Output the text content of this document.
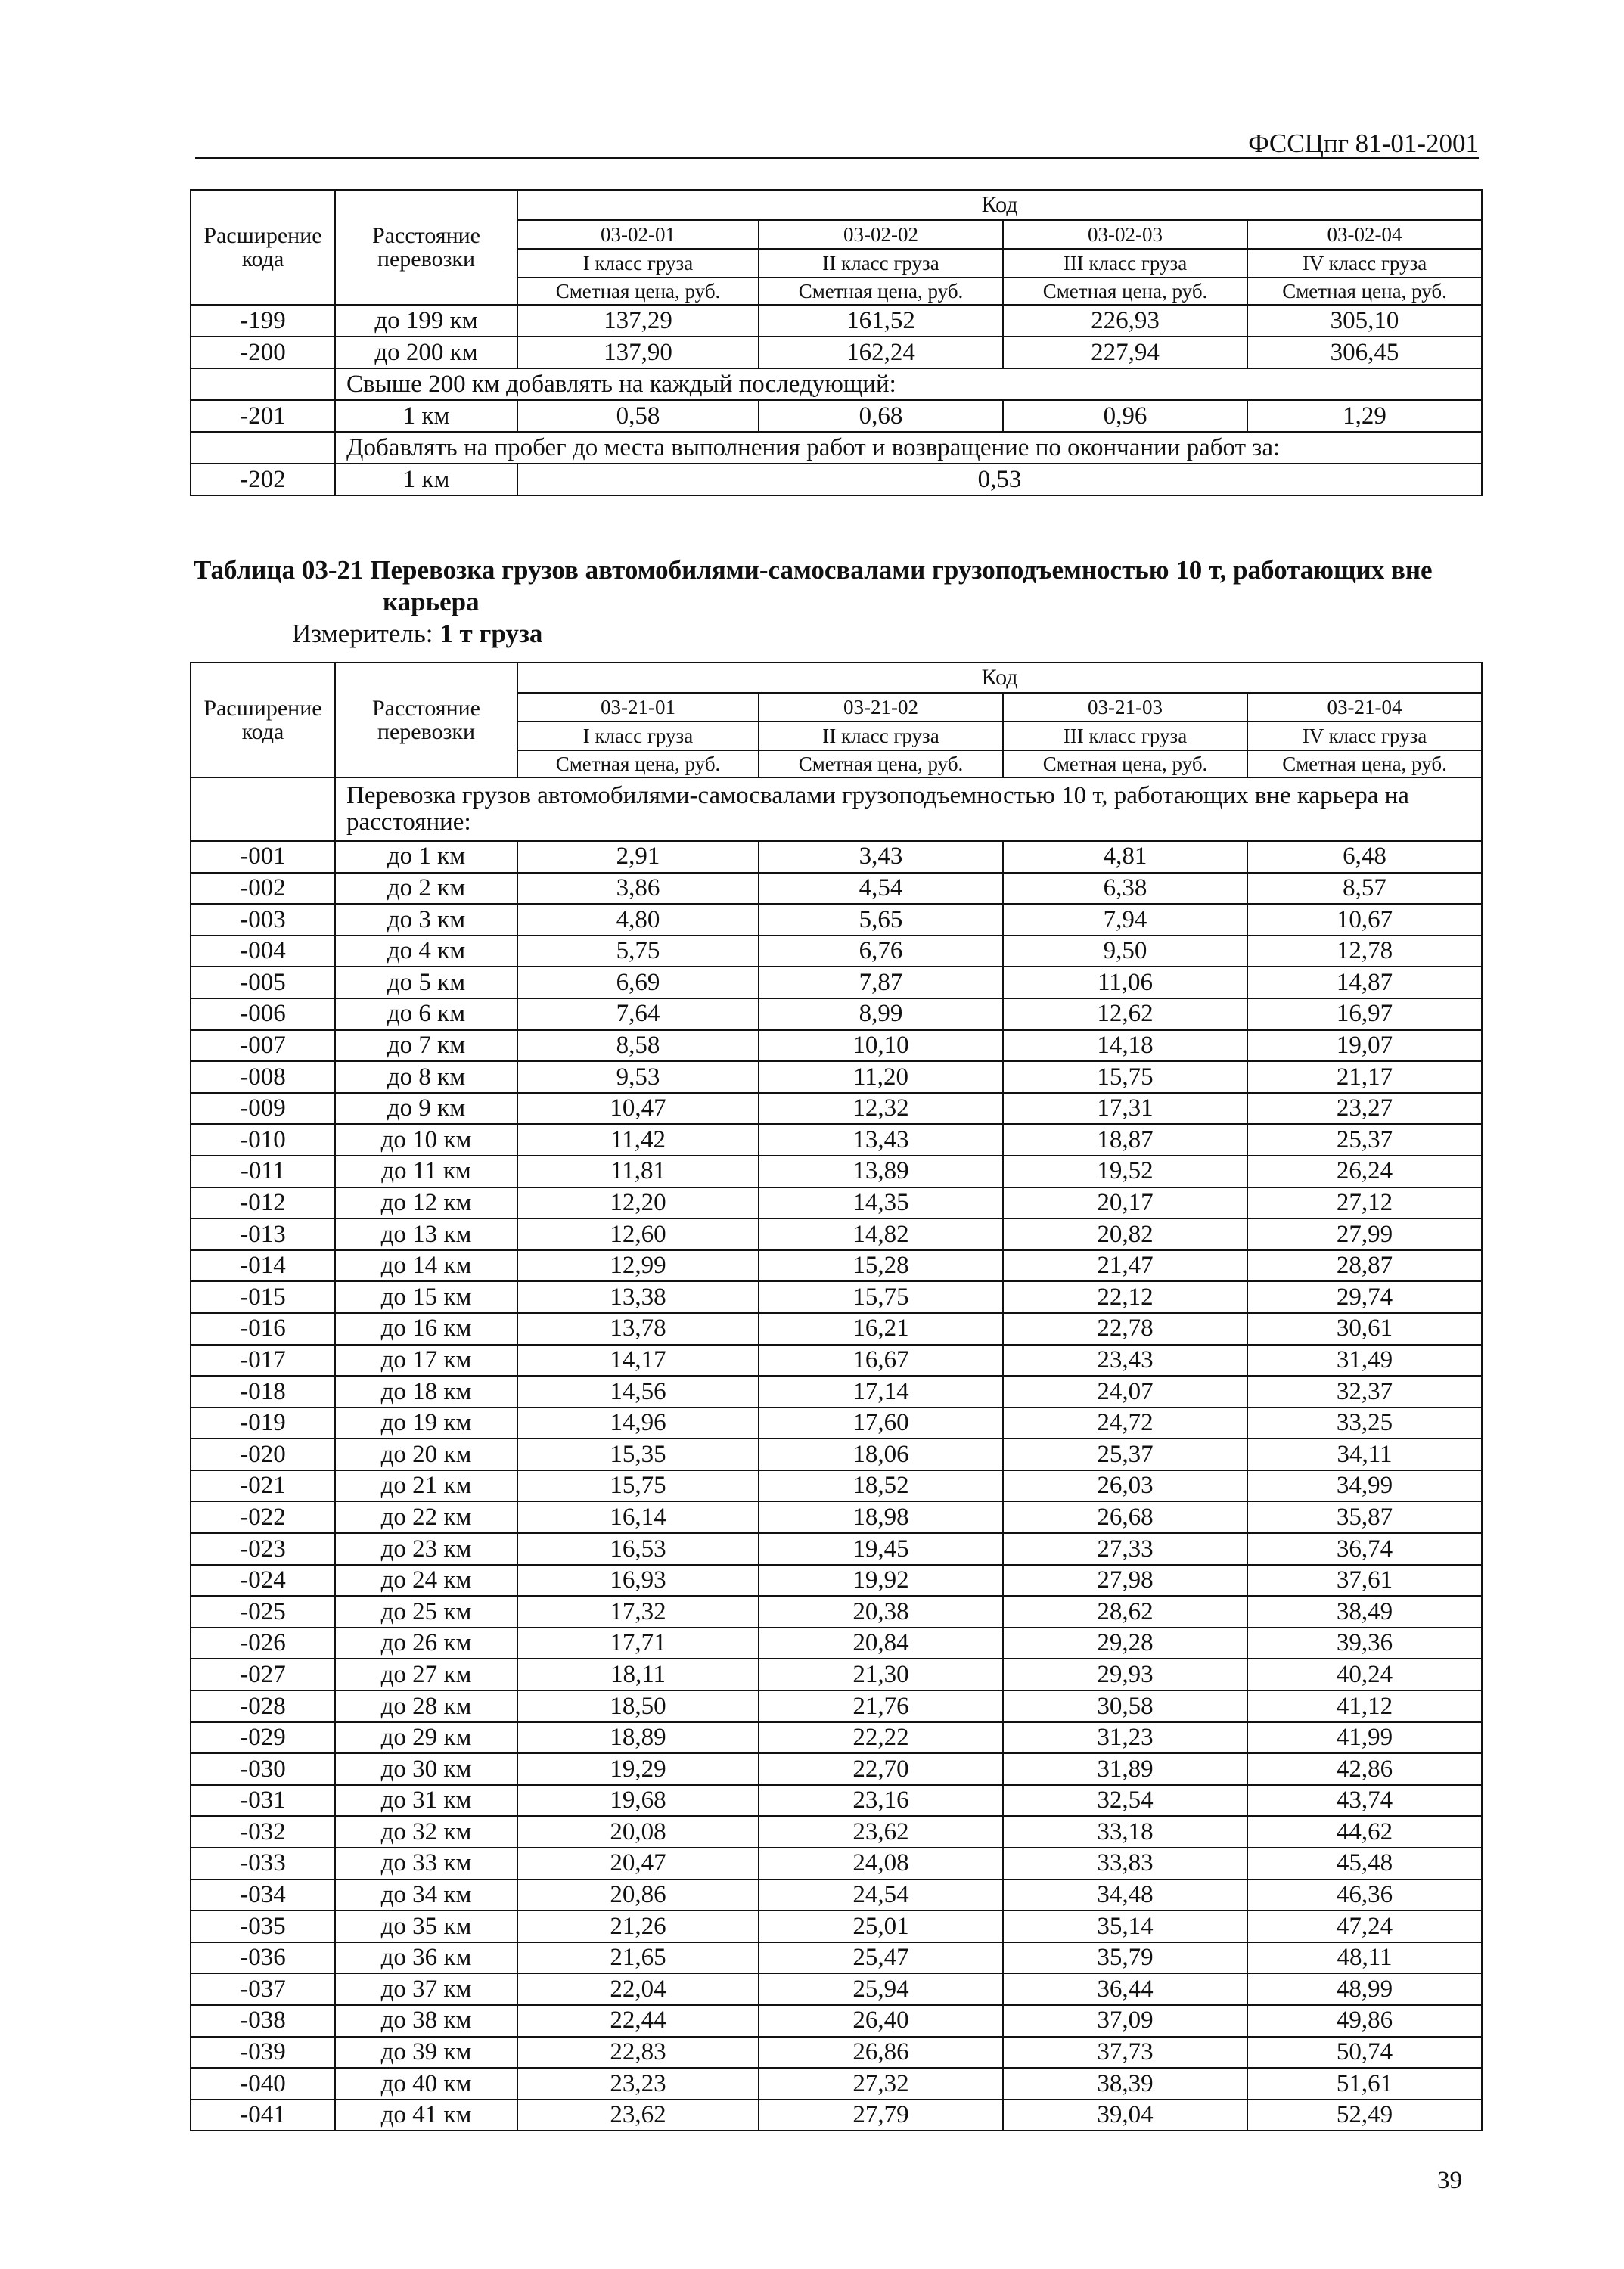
ФССЦпг 81-01-2001
Расширение кода	Расстояние перевозки	Код			
		03-02-01	03-02-02	03-02-03	03-02-04
		I класс груза	II класс груза	III класс груза	IV класс груза
		Сметная цена, руб.	Сметная цена, руб.	Сметная цена, руб.	Сметная цена, руб.
-199	до 199 км	137,29	161,52	226,93	305,10
-200	до 200 км	137,90	162,24	227,94	306,45
	Свыше 200 км добавлять на каждый последующий:				
-201	1 км	0,58	0,68	0,96	1,29
	Добавлять на пробег до места выполнения работ и возвращение по окончании работ за:				
-202	1 км	0,53			
Таблица 03-21 Перевозка грузов автомобилями-самосвалами грузоподъемностью 10 т, работающих вне
карьера
Измеритель: 1 т груза
Расширение кода	Расстояние перевозки	Код			
		03-21-01	03-21-02	03-21-03	03-21-04
		I класс груза	II класс груза	III класс груза	IV класс груза
		Сметная цена, руб.	Сметная цена, руб.	Сметная цена, руб.	Сметная цена, руб.
	Перевозка грузов автомобилями-самосвалами грузоподъемностью 10 т, работающих вне карьера на расстояние:				
-001	до 1 км	2,91	3,43	4,81	6,48
-002	до 2 км	3,86	4,54	6,38	8,57
-003	до 3 км	4,80	5,65	7,94	10,67
-004	до 4 км	5,75	6,76	9,50	12,78
-005	до 5 км	6,69	7,87	11,06	14,87
-006	до 6 км	7,64	8,99	12,62	16,97
-007	до 7 км	8,58	10,10	14,18	19,07
-008	до 8 км	9,53	11,20	15,75	21,17
-009	до 9 км	10,47	12,32	17,31	23,27
-010	до 10 км	11,42	13,43	18,87	25,37
-011	до 11 км	11,81	13,89	19,52	26,24
-012	до 12 км	12,20	14,35	20,17	27,12
-013	до 13 км	12,60	14,82	20,82	27,99
-014	до 14 км	12,99	15,28	21,47	28,87
-015	до 15 км	13,38	15,75	22,12	29,74
-016	до 16 км	13,78	16,21	22,78	30,61
-017	до 17 км	14,17	16,67	23,43	31,49
-018	до 18 км	14,56	17,14	24,07	32,37
-019	до 19 км	14,96	17,60	24,72	33,25
-020	до 20 км	15,35	18,06	25,37	34,11
-021	до 21 км	15,75	18,52	26,03	34,99
-022	до 22 км	16,14	18,98	26,68	35,87
-023	до 23 км	16,53	19,45	27,33	36,74
-024	до 24 км	16,93	19,92	27,98	37,61
-025	до 25 км	17,32	20,38	28,62	38,49
-026	до 26 км	17,71	20,84	29,28	39,36
-027	до 27 км	18,11	21,30	29,93	40,24
-028	до 28 км	18,50	21,76	30,58	41,12
-029	до 29 км	18,89	22,22	31,23	41,99
-030	до 30 км	19,29	22,70	31,89	42,86
-031	до 31 км	19,68	23,16	32,54	43,74
-032	до 32 км	20,08	23,62	33,18	44,62
-033	до 33 км	20,47	24,08	33,83	45,48
-034	до 34 км	20,86	24,54	34,48	46,36
-035	до 35 км	21,26	25,01	35,14	47,24
-036	до 36 км	21,65	25,47	35,79	48,11
-037	до 37 км	22,04	25,94	36,44	48,99
-038	до 38 км	22,44	26,40	37,09	49,86
-039	до 39 км	22,83	26,86	37,73	50,74
-040	до 40 км	23,23	27,32	38,39	51,61
-041	до 41 км	23,62	27,79	39,04	52,49
39
